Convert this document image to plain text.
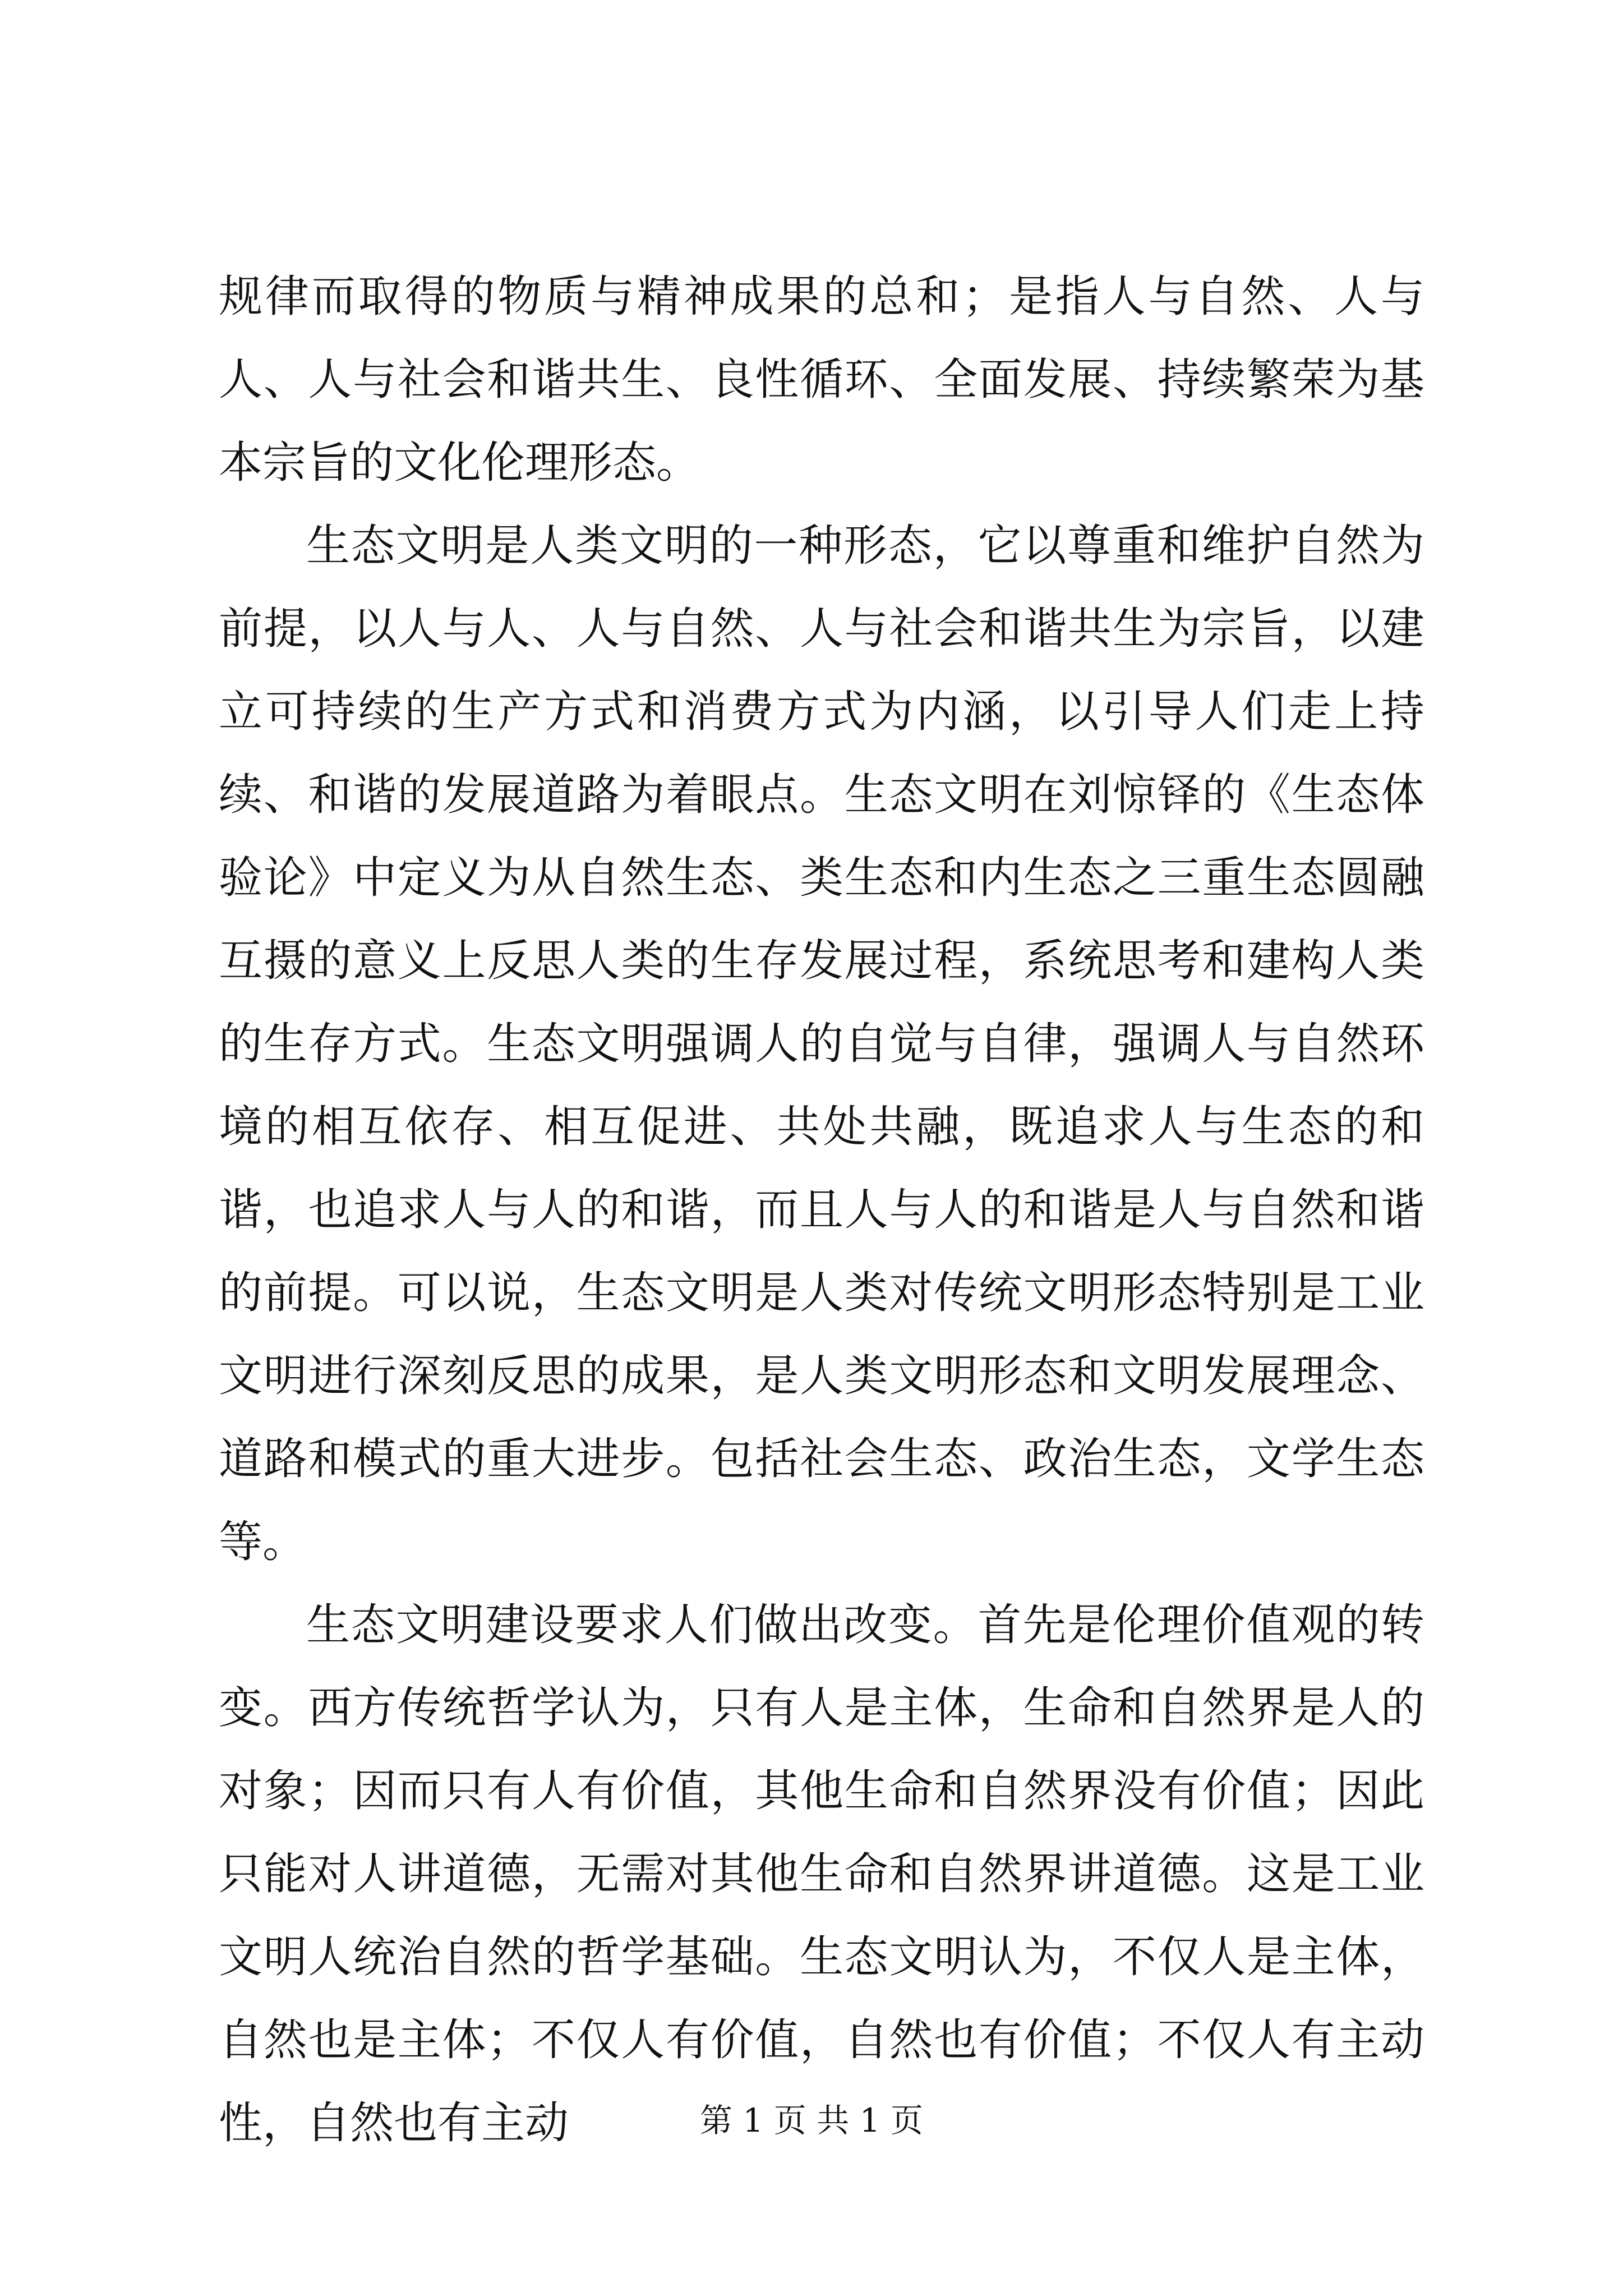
规律而取得的物质与精神成果的总和；是指人与自然、人与人、人与社会和谐共生、良性循环、全面发展、持续繁荣为基本宗旨的文化伦理形态。

生态文明是人类文明的一种形态，它以尊重和维护自然为前提，以人与人、人与自然、人与社会和谐共生为宗旨，以建立可持续的生产方式和消费方式为内涵，以引导人们走上持续、和谐的发展道路为着眼点。生态文明在刘惊铎的《生态体验论》中定义为从自然生态、类生态和内生态之三重生态圆融互摄的意义上反思人类的生存发展过程，系统思考和建构人类的生存方式。生态文明强调人的自觉与自律，强调人与自然环境的相互依存、相互促进、共处共融，既追求人与生态的和谐，也追求人与人的和谐，而且人与人的和谐是人与自然和谐的前提。可以说，生态文明是人类对传统文明形态特别是工业文明进行深刻反思的成果，是人类文明形态和文明发展理念、道路和模式的重大进步。包括社会生态、政治生态，文学生态等。

生态文明建设要求人们做出改变。首先是伦理价值观的转变。西方传统哲学认为，只有人是主体，生命和自然界是人的对象；因而只有人有价值，其他生命和自然界没有价值；因此只能对人讲道德，无需对其他生命和自然界讲道德。这是工业文明人统治自然的哲学基础。生态文明认为，不仅人是主体，自然也是主体；不仅人有价值，自然也有价值；不仅人有主动性，自然也有主动	第 1 页 共 1 页
